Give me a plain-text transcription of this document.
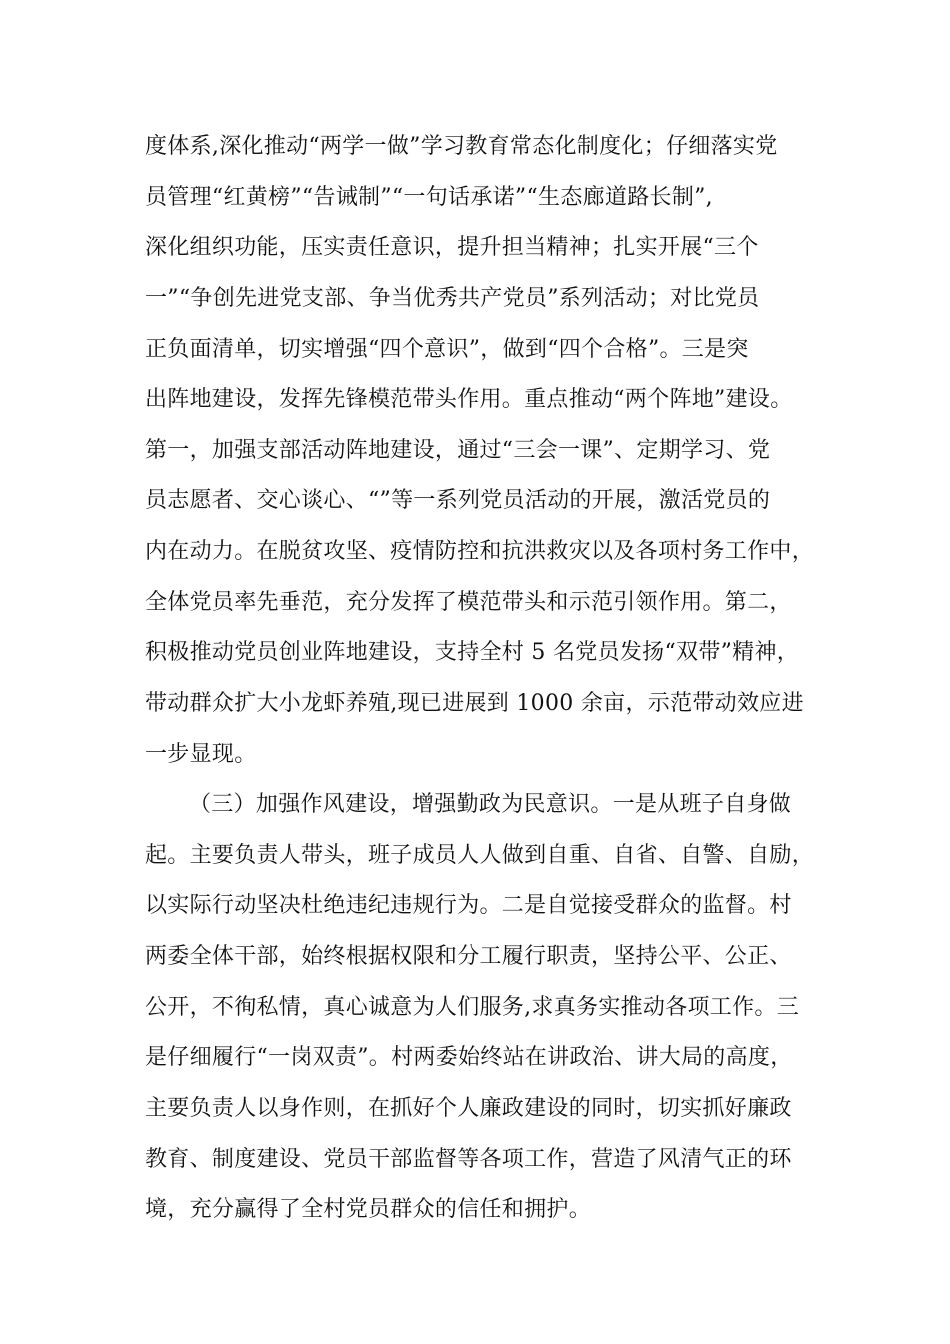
度体系,深化推动“两学一做”学习教育常态化制度化；仔细落实党
员管理“红黄榜”“告诫制”“一句话承诺”“生态廊道路长制”,
深化组织功能，压实责任意识，提升担当精神；扎实开展“三个
一”“争创先进党支部、争当优秀共产党员”系列活动；对比党员
正负面清单，切实增强“四个意识”，做到“四个合格”。三是突
出阵地建设，发挥先锋模范带头作用。重点推动“两个阵地”建设。
第一，加强支部活动阵地建设，通过“三会一课”、定期学习、党
员志愿者、交心谈心、“”等一系列党员活动的开展，激活党员的
内在动力。在脱贫攻坚、疫情防控和抗洪救灾以及各项村务工作中，
全体党员率先垂范，充分发挥了模范带头和示范引领作用。第二，
积极推动党员创业阵地建设，支持全村 5 名党员发扬“双带”精神，
带动群众扩大小龙虾养殖,现已进展到 1000 余亩，示范带动效应进
一步显现。
（三）加强作风建设，增强勤政为民意识。一是从班子自身做
起。主要负责人带头，班子成员人人做到自重、自省、自警、自励，
以实际行动坚决杜绝违纪违规行为。二是自觉接受群众的监督。村
两委全体干部，始终根据权限和分工履行职责，坚持公平、公正、
公开，不徇私情，真心诚意为人们服务,求真务实推动各项工作。三
是仔细履行“一岗双责”。村两委始终站在讲政治、讲大局的高度，
主要负责人以身作则，在抓好个人廉政建设的同时，切实抓好廉政
教育、制度建设、党员干部监督等各项工作，营造了风清气正的环
境，充分赢得了全村党员群众的信任和拥护。
